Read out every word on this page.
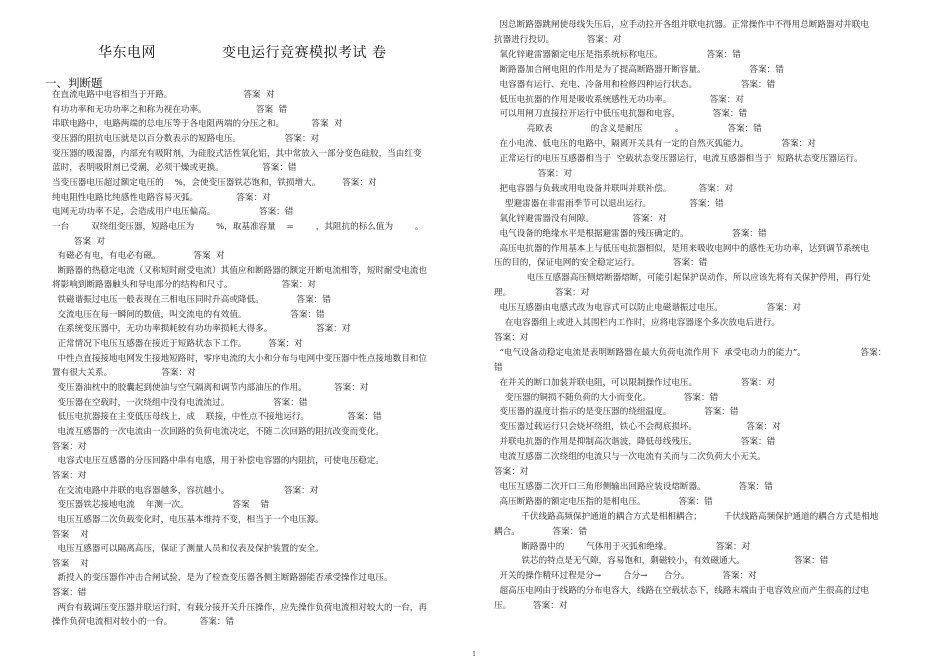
华东电网	变电运行竞赛模拟考试 卷
一、判断题
在直流电路中电容相当于开路。                          答案  对
有功功率和无功功率之和称为视在功率。                  答案  错
串联电路中，电路两端的总电压等于各电阻两端的分压之和。          答案  对
变压器的阻抗电压就是以百分数表示的短路电压。                答案：对
变压器的吸湿器，内部充有吸附剂，为硅胶式活性氧化铝，其中常放入一部分变色硅胶，当由红变
蓝时，表明吸附剂已受潮，必须干燥或更换。              答案：错
当变压器电压超过额定电压的    %，会使变压器铁芯饱和，铁损增大。        答案：对
纯电阻性电路比纯感性电路容易灭弧。              答案：对
电网无功功率不足，会造成用户电压偏高。                答案：错
一台        双绕组变压器，短路电压为        %，取基准容量    =        ，其阻抗的标么值为        。
答案  对
有磁必有电，有电必有磁。            答案  对
断路器的热稳定电流（又称短时耐受电流）其值应和断路器的额定开断电流相等，短时耐受电流也
将影响到断路器触头和导电部分的结构和尺寸。                  答案：对
铁磁谐振过电压一般表现在三相电压同时升高或降低。            答案：错
交流电压在每一瞬间的数值，叫交流电的有效值。                答案：错
在系统变压器中，无功功率损耗较有功功率损耗大得多。                答案：对
正常情况下电压互感器在接近于短路状态下工作。        答案：对
中性点直接接地电网发生接地短路时，零序电流的大小和分布与电网中变压器中性点接地数目和位
置有很大关系。                  答案：对
变压器油枕中的胶囊起到使油与空气隔离和调节内部油压的作用。          答案：对
变压器在空载时，一次绕组中没有电流流过。                答案：错
低压电抗器接在主变低压母线上，成    联接，中性点不接地运行。              答案：错
电流互感器的一次电流由一次回路的负荷电流决定，不随二次回路的阻抗改变而变化。
答案：对
电容式电压互感器的分压回路中串有电感，用于补偿电容器的内阻抗，可使电压稳定。
答案：对
在交流电路中并联的电容器越多，容抗越小。                    答案：对
变压器铁芯接地电流    年测一次。                答案    错
电压互感器二次负载变化时，电压基本维持不变，相当于一个电压源。
答案    对
电压互感器可以隔离高压，保证了测量人员和仪表及保护装置的安全。
答案    对
新投入的变压器作冲击合闸试验，是为了检查变压器各侧主断路器能否承受操作过电压。
答案：错
两台有载调压变压器并联运行时，有载分接开关升压操作，应先操作负荷电流相对较大的一台，再
操作负荷电流相对较小的一台。          答案：错
因总断路器跳闸使母线失压后，应手动拉开各组并联电抗器。正常操作中不得用总断路器对并联电
抗器进行投切。            答案：对
氧化锌避雷器额定电压是指系统标称电压。                答案：错
断路器加合闸电阻的作用是为了提高断路器开断容量。                答案：错
电容器有运行、充电、冷备用和检修四种运行状态。                答案：错
低压电抗器的作用是吸收系统感性无功功率。              答案：对
可以用闸刀直接拉开运行中低压电抗器和电容。            答案：错
亮欧表              的含义是耐压            。                答案：错
在小电流、低电压的电路中，隔离开关具有一定的自然灭弧能力。            答案：对
正常运行的电压互感器相当于  空载状态变压器运行，电流互感器相当于  短路状态变压器运行。
答案：对
把电容器与负载或用电设备并联叫并联补偿。          答案：对
型避雷器在非雷雨季节可以退出运行。              答案：错
氧化锌避雷器没有间隙。              答案：对
电气设备的绝缘水平是根据避雷器的残压确定的。                答案：错
高压电抗器的作用基本上与低压电抗器相似，是用来吸收电网中的感性无功功率，达到调节系统电
压的目的，保证电网的安全稳定运行。            答案：错
电压互感器高压侧熔断器熔断，可能引起保护误动作，所以应该先将有关保护停用，再行处
理。                答案：对
电压互感器由电感式改为电容式可以防止电磁谐振过电压。                答案：对
在电容器组上或进入其围栏内工作时，应将电容器逐个多次放电后进行。
答案：对
“电气设备动稳定电流是表明断路器在最大负荷电流作用下  承受电动力的能力”。                    答案：
错
在并关的断口加装并联电阻，可以限制操作过电压。                答案：对
变压器的铜损不随负荷的大小而变化。            答案：错
变压器的温度计指示的是变压器的绕组温度。            答案：错
变压器过载运行只会烧坏绕组，铁心不会彻底损坏。                  答案：对
并联电抗器的作用是抑制高次谐波，降低母线残压。                答案：错
电流互感器二次绕组的电流只与一次电流有关而与二次负荷大小无关。
答案：对
电压互感器二次开口三角形侧输出回路应装设熔断器。            答案：错
高压断路器的额定电压指的是相电压。            答案：错
千伏线路高频保护通道的耦合方式是相相耦合；        千伏线路高频保护通道的耦合方式是相地
耦合。            答案：错
断路器中的        气体用于灭弧和绝缘。                答案：对
铁芯的特点是无气隙，容易饱和，剩磁较小，有效磁通大。                  答案：错
开关的操作精环过程是分→        合分→      合分。            答案：对
超高压电网由于线路的分布电容大，线路在空载状态下，线路末端由于电容效应而产生很高的过电
压。        答案：对
1
